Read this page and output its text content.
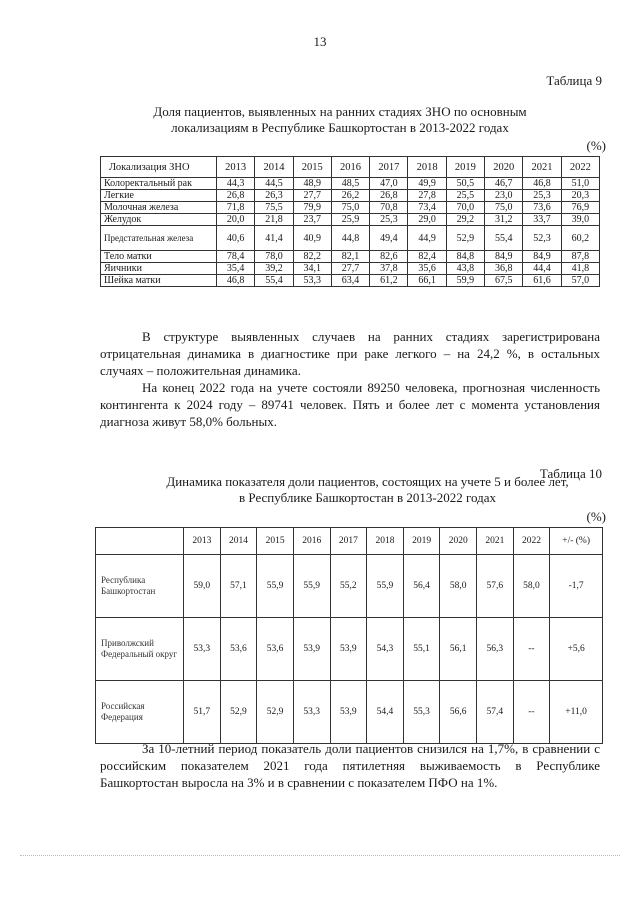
13
Таблица 9
Доля пациентов, выявленных на ранних стадиях ЗНО по основным
локализациям в Республике Башкортостан в 2013-2022 годах
(%)
Локализация ЗНО	2013	2014	2015	2016	2017	2018	2019	2020	2021	2022
Колоректальный рак	44,3	44,5	48,9	48,5	47,0	49,9	50,5	46,7	46,8	51,0
Легкие	26,8	26,3	27,7	26,2	26,8	27,8	25,5	23,0	25,3	20,3
Молочная железа	71,8	75,5	79,9	75,0	70,8	73,4	70,0	75,0	73,6	76,9
Желудок	20,0	21,8	23,7	25,9	25,3	29,0	29,2	31,2	33,7	39,0
Предстательная железа	40,6	41,4	40,9	44,8	49,4	44,9	52,9	55,4	52,3	60,2
Тело матки	78,4	78,0	82,2	82,1	82,6	82,4	84,8	84,9	84,9	87,8
Яичники	35,4	39,2	34,1	27,7	37,8	35,6	43,8	36,8	44,4	41,8
Шейка матки	46,8	55,4	53,3	63,4	61,2	66,1	59,9	67,5	61,6	57,0
В структуре выявленных случаев на ранних стадиях зарегистрирована отрицательная динамика в диагностике при раке легкого – на 24,2 %, в остальных случаях – положительная динамика.
На конец 2022 года на учете состояли 89250 человека, прогнозная численность контингента к 2024 году – 89741 человек. Пять и более лет с момента установления диагноза живут 58,0% больных.
Таблица 10
Динамика показателя доли пациентов, состоящих на учете 5 и более лет,
в Республике Башкортостан в 2013-2022 годах
(%)
	2013	2014	2015	2016	2017	2018	2019	2020	2021	2022	+/- (%)
Республика Башкортостан	59,0	57,1	55,9	55,9	55,2	55,9	56,4	58,0	57,6	58,0	-1,7
Приволжский Федеральный округ	53,3	53,6	53,6	53,9	53,9	54,3	55,1	56,1	56,3	--	+5,6
Российская Федерация	51,7	52,9	52,9	53,3	53,9	54,4	55,3	56,6	57,4	--	+11,0
За 10-летний период показатель доли пациентов снизился на 1,7%, в сравнении с российским показателем 2021 года пятилетняя выживаемость в Республике Башкортостан выросла на 3% и в сравнении с показателем ПФО на 1%.
